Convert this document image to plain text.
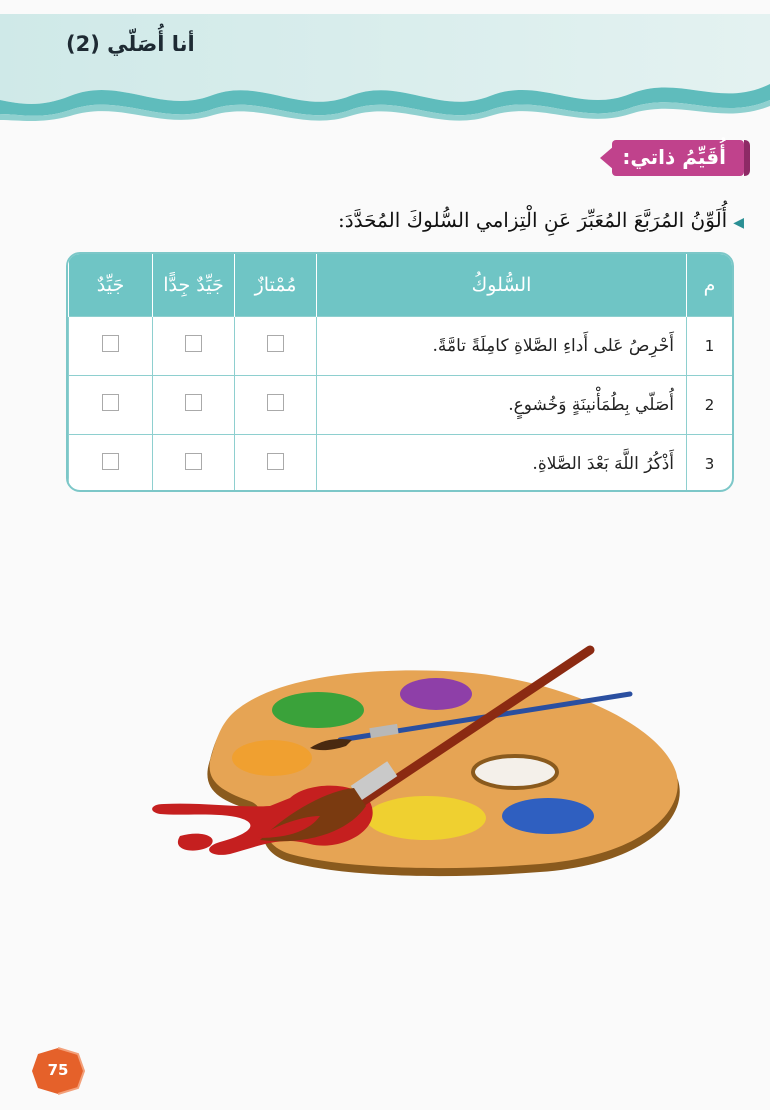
أنا أُصَلّي (2)
أُقَيِّمُ ذاتي:
◀أُلَوِّنُ المُرَبَّعَ المُعَبِّرَ عَنِ الْتِزامي السُّلوكَ المُحَدَّدَ:
م	السُّلوكُ	مُمْتازٌ	جَيِّدٌ جِدًّا	جَيِّدٌ
1	أَحْرِصُ عَلى أَداءِ الصَّلاةِ كامِلَةً تامَّةً.			
2	أُصَلّي بِطُمَأْنينَةٍ وَخُشوعٍ.			
3	أَذْكُرُ اللَّهَ بَعْدَ الصَّلاةِ.			
75
